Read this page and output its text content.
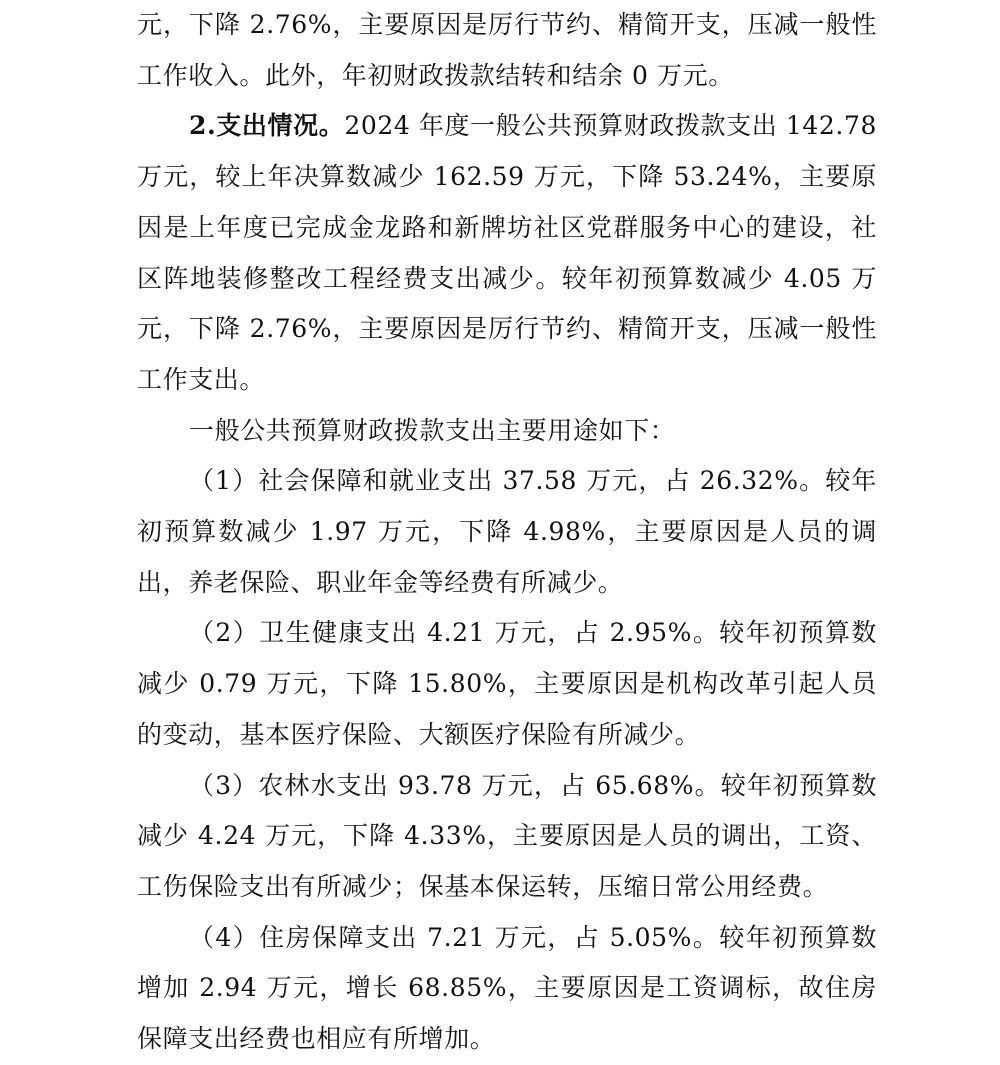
元，下降 2.76%，主要原因是厉行节约、精简开支，压减一般性工作收入。此外，年初财政拨款结转和结余 0 万元。

2.支出情况。2024 年度一般公共预算财政拨款支出 142.78 万元，较上年决算数减少 162.59 万元，下降 53.24%，主要原因是上年度已完成金龙路和新牌坊社区党群服务中心的建设，社区阵地装修整改工程经费支出减少。较年初预算数减少 4.05 万元，下降 2.76%，主要原因是厉行节约、精简开支，压减一般性工作支出。

一般公共预算财政拨款支出主要用途如下：

（1）社会保障和就业支出 37.58 万元，占 26.32%。较年初预算数减少 1.97 万元，下降 4.98%，主要原因是人员的调出，养老保险、职业年金等经费有所减少。

（2）卫生健康支出 4.21 万元，占 2.95%。较年初预算数减少 0.79 万元，下降 15.80%，主要原因是机构改革引起人员的变动，基本医疗保险、大额医疗保险有所减少。

（3）农林水支出 93.78 万元，占 65.68%。较年初预算数减少 4.24 万元，下降 4.33%，主要原因是人员的调出，工资、工伤保险支出有所减少；保基本保运转，压缩日常公用经费。

（4）住房保障支出 7.21 万元，占 5.05%。较年初预算数增加 2.94 万元，增长 68.85%，主要原因是工资调标，故住房保障支出经费也相应有所增加。
